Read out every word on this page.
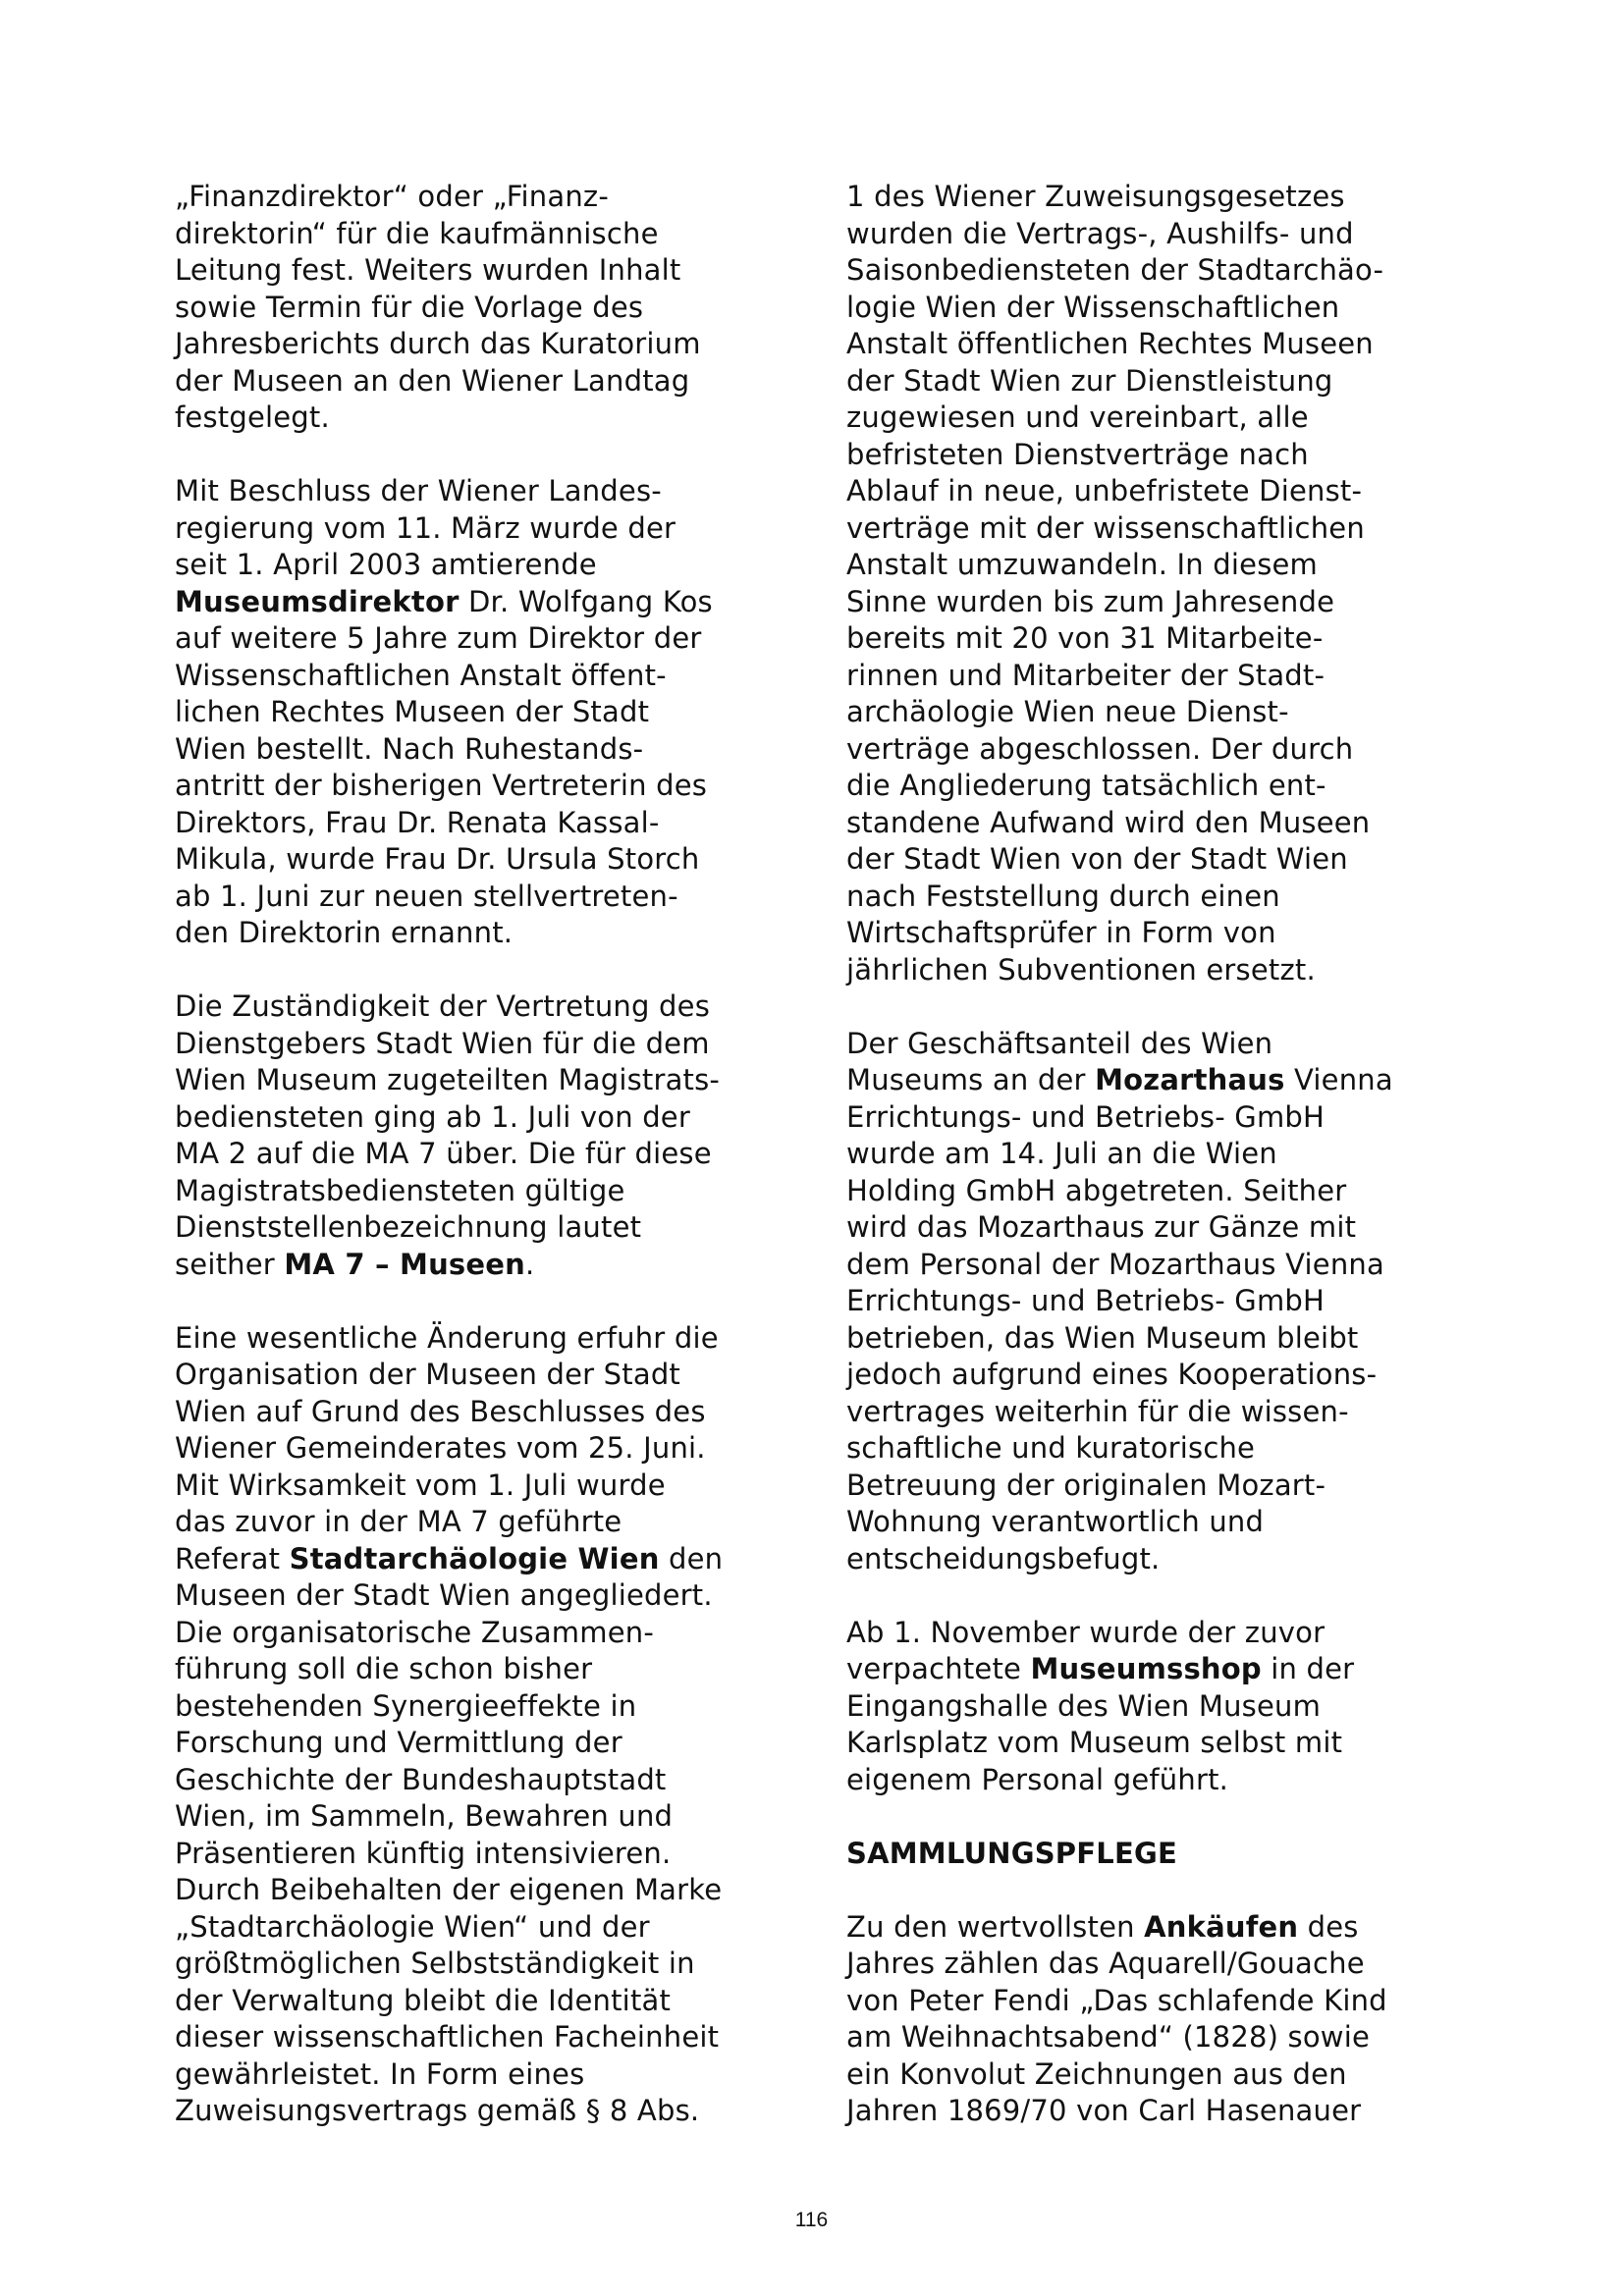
„Finanzdirektor“ oder „Finanz-
direktorin“ für die kaufmännische
Leitung fest. Weiters wurden Inhalt
sowie Termin für die Vorlage des
Jahresberichts durch das Kuratorium
der Museen an den Wiener Landtag
festgelegt.
Mit Beschluss der Wiener Landes-
regierung vom 11. März wurde der
seit 1. April 2003 amtierende
Museumsdirektor Dr. Wolfgang Kos
auf weitere 5 Jahre zum Direktor der
Wissenschaftlichen Anstalt öffent-
lichen Rechtes Museen der Stadt
Wien bestellt. Nach Ruhestands-
antritt der bisherigen Vertreterin des
Direktors, Frau Dr. Renata Kassal-
Mikula, wurde Frau Dr. Ursula Storch
ab 1. Juni zur neuen stellvertreten-
den Direktorin ernannt.
Die Zuständigkeit der Vertretung des
Dienstgebers Stadt Wien für die dem
Wien Museum zugeteilten Magistrats-
bediensteten ging ab 1. Juli von der
MA 2 auf die MA 7 über. Die für diese
Magistratsbediensteten gültige
Dienststellenbezeichnung lautet
seither MA 7 – Museen.
Eine wesentliche Änderung erfuhr die
Organisation der Museen der Stadt
Wien auf Grund des Beschlusses des
Wiener Gemeinderates vom 25. Juni.
Mit Wirksamkeit vom 1. Juli wurde
das zuvor in der MA 7 geführte
Referat Stadtarchäologie Wien den
Museen der Stadt Wien angegliedert.
Die organisatorische Zusammen-
führung soll die schon bisher
bestehenden Synergieeffekte in
Forschung und Vermittlung der
Geschichte der Bundeshauptstadt
Wien, im Sammeln, Bewahren und
Präsentieren künftig intensivieren.
Durch Beibehalten der eigenen Marke
„Stadtarchäologie Wien“ und der
größtmöglichen Selbstständigkeit in
der Verwaltung bleibt die Identität
dieser wissenschaftlichen Facheinheit
gewährleistet. In Form eines
Zuweisungsvertrags gemäß § 8 Abs.
1 des Wiener Zuweisungsgesetzes
wurden die Vertrags-, Aushilfs- und
Saisonbediensteten der Stadtarchäo-
logie Wien der Wissenschaftlichen
Anstalt öffentlichen Rechtes Museen
der Stadt Wien zur Dienstleistung
zugewiesen und vereinbart, alle
befristeten Dienstverträge nach
Ablauf in neue, unbefristete Dienst-
verträge mit der wissenschaftlichen
Anstalt umzuwandeln. In diesem
Sinne wurden bis zum Jahresende
bereits mit 20 von 31 Mitarbeite-
rinnen und Mitarbeiter der Stadt-
archäologie Wien neue Dienst-
verträge abgeschlossen. Der durch
die Angliederung tatsächlich ent-
standene Aufwand wird den Museen
der Stadt Wien von der Stadt Wien
nach Feststellung durch einen
Wirtschaftsprüfer in Form von
jährlichen Subventionen ersetzt.
Der Geschäftsanteil des Wien
Museums an der Mozarthaus Vienna
Errichtungs- und Betriebs- GmbH
wurde am 14. Juli an die Wien
Holding GmbH abgetreten. Seither
wird das Mozarthaus zur Gänze mit
dem Personal der Mozarthaus Vienna
Errichtungs- und Betriebs- GmbH
betrieben, das Wien Museum bleibt
jedoch aufgrund eines Kooperations-
vertrages weiterhin für die wissen-
schaftliche und kuratorische
Betreuung der originalen Mozart-
Wohnung verantwortlich und
entscheidungsbefugt.
Ab 1. November wurde der zuvor
verpachtete Museumsshop in der
Eingangshalle des Wien Museum
Karlsplatz vom Museum selbst mit
eigenem Personal geführt.
SAMMLUNGSPFLEGE
Zu den wertvollsten Ankäufen des
Jahres zählen das Aquarell/Gouache
von Peter Fendi „Das schlafende Kind
am Weihnachtsabend“ (1828) sowie
ein Konvolut Zeichnungen aus den
Jahren 1869/70 von Carl Hasenauer
116
